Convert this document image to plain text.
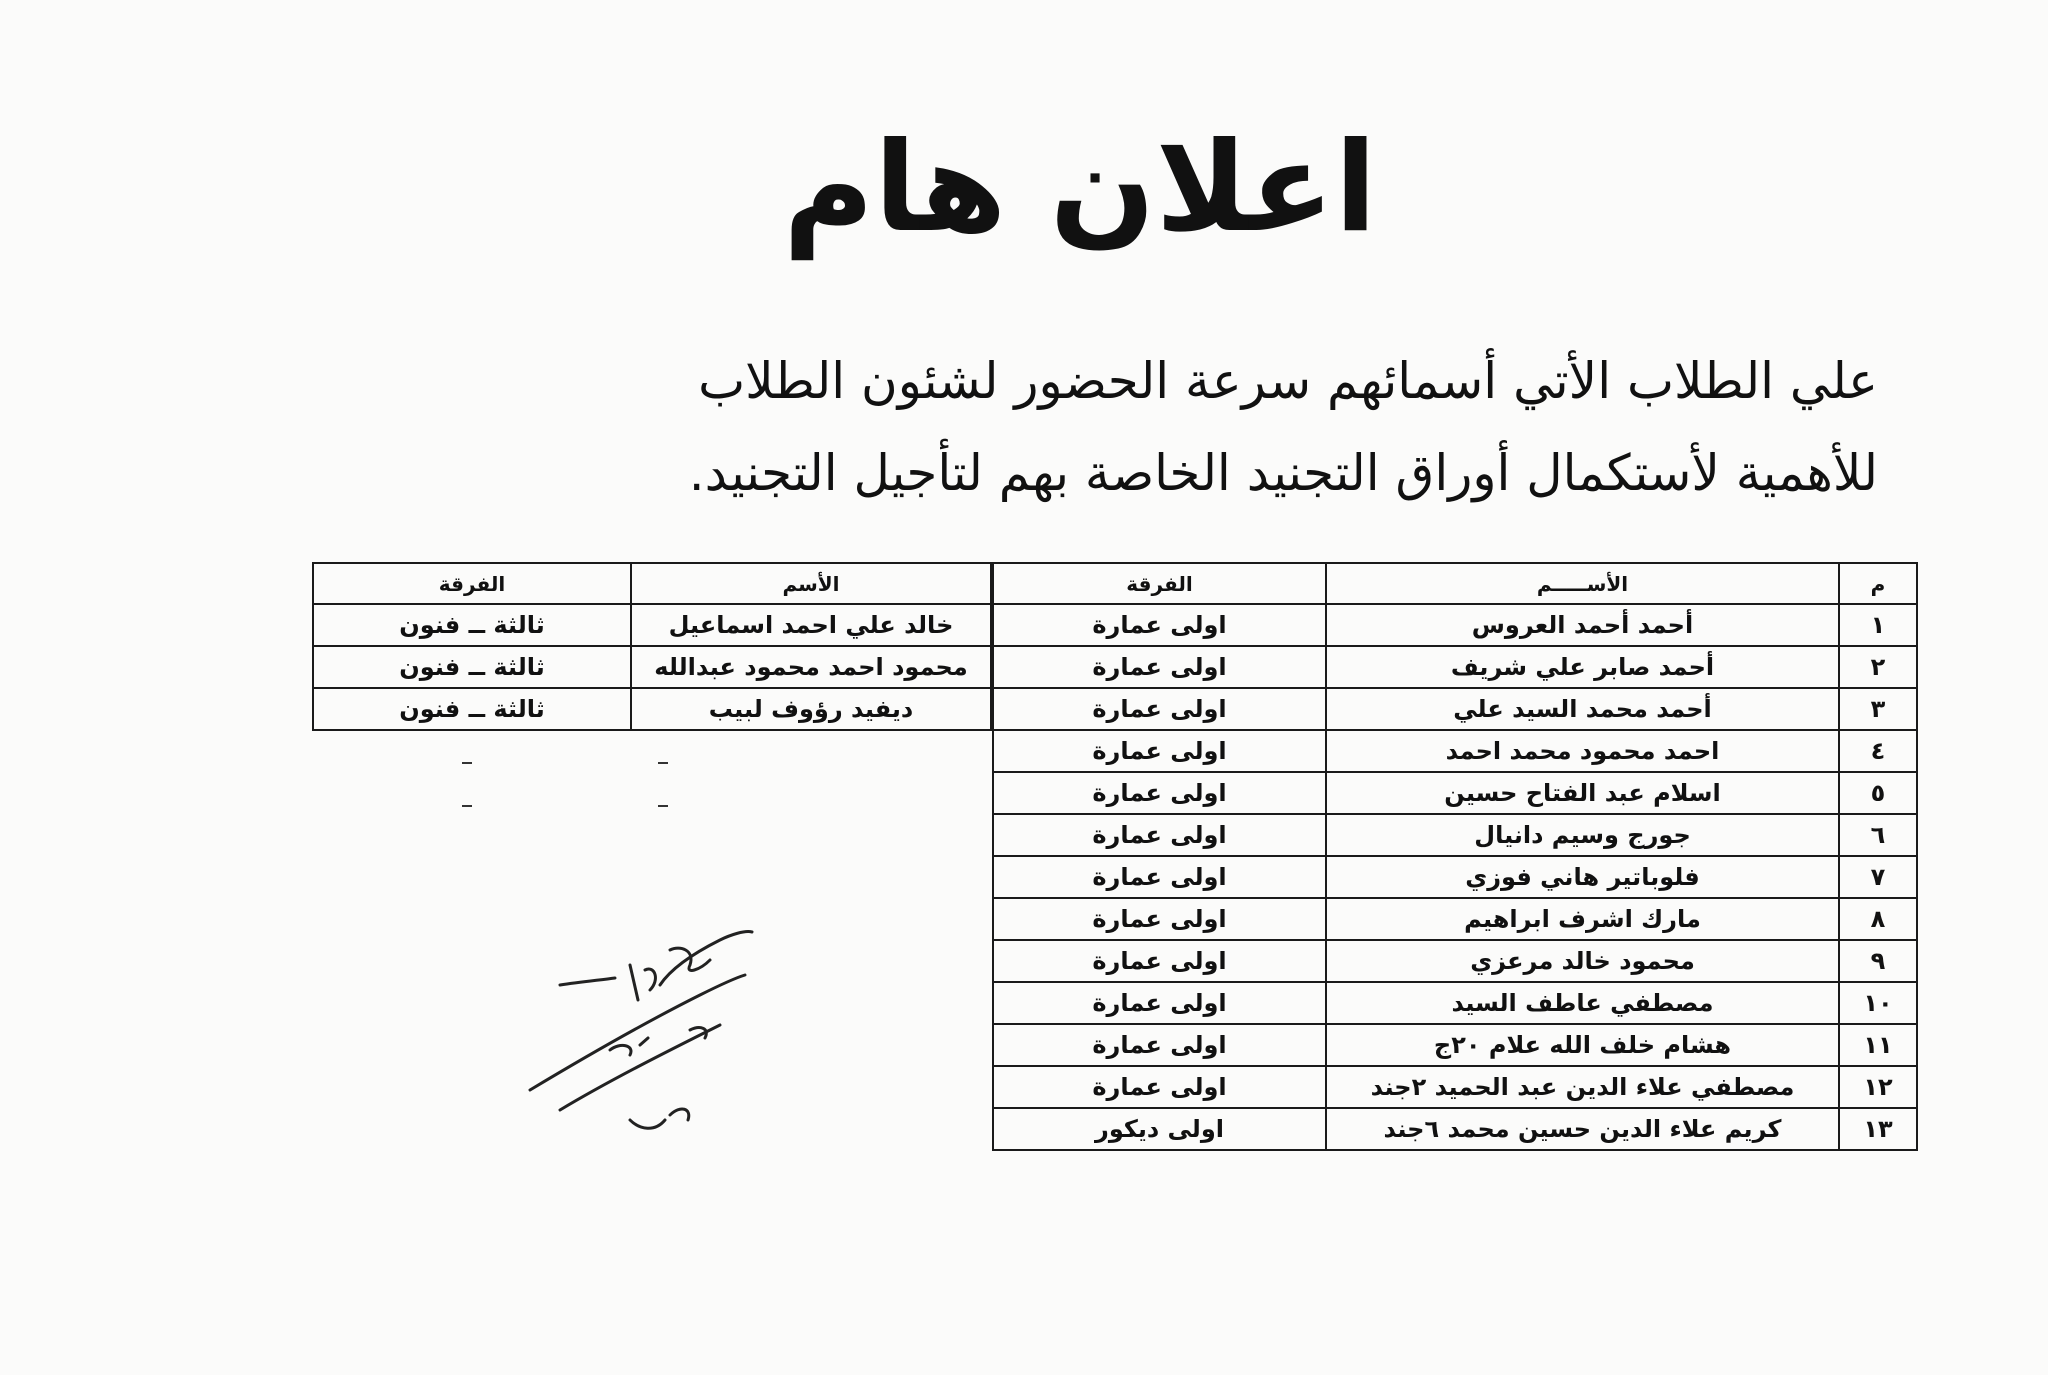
اعلان هام
علي الطلاب الأتي أسمائهم سرعة الحضور لشئون الطلاب
للأهمية لأستكمال أوراق التجنيد الخاصة بهم لتأجيل التجنيد.
م	الأســـــم	الفرقة
١	أحمد أحمد العروس	اولى عمارة
٢	أحمد صابر علي شريف	اولى عمارة
٣	أحمد محمد السيد علي	اولى عمارة
٤	احمد محمود محمد احمد	اولى عمارة
٥	اسلام عبد الفتاح حسين	اولى عمارة
٦	جورج وسيم دانيال	اولى عمارة
٧	فلوباتير هاني فوزي	اولى عمارة
٨	مارك اشرف ابراهيم	اولى عمارة
٩	محمود خالد مرعزي	اولى عمارة
١٠	مصطفي عاطف السيد	اولى عمارة
١١	هشام خلف الله علام ٢٠ج	اولى عمارة
١٢	مصطفي علاء الدين عبد الحميد ٢جند	اولى عمارة
١٣	كريم علاء الدين حسين محمد ٦جند	اولى ديكور
الأسم	الفرقة
خالد علي احمد اسماعيل	ثالثة ــ فنون
محمود احمد محمود عبدالله	ثالثة ــ فنون
ديفيد رؤوف لبيب	ثالثة ــ فنون
